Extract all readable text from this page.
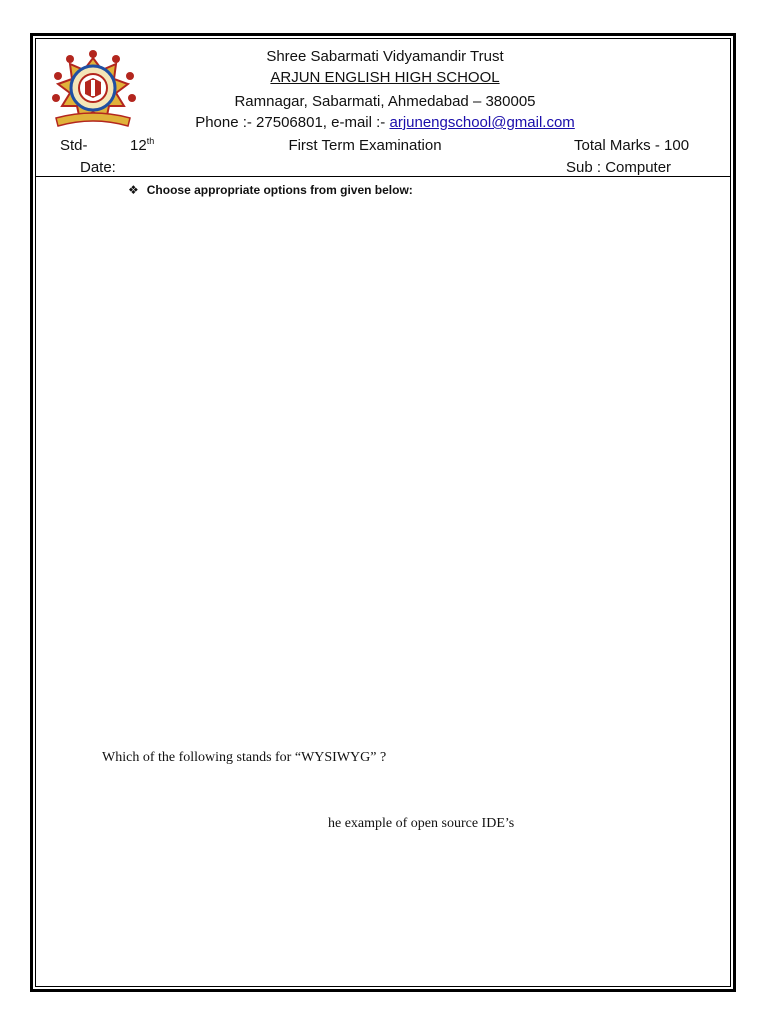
Shree Sabarmati Vidyamandir Trust
ARJUN ENGLISH HIGH SCHOOL
Ramnagar, Sabarmati, Ahmedabad – 380005
Phone :- 27506801, e-mail :- arjunengschool@gmail.com
Std-	12th	First Term Examination	Total Marks - 100
Date:	Sub : Computer
❖ Choose appropriate options from given below:
Which of the following stands for “WYSIWYG” ?
he example of open source IDE’s
